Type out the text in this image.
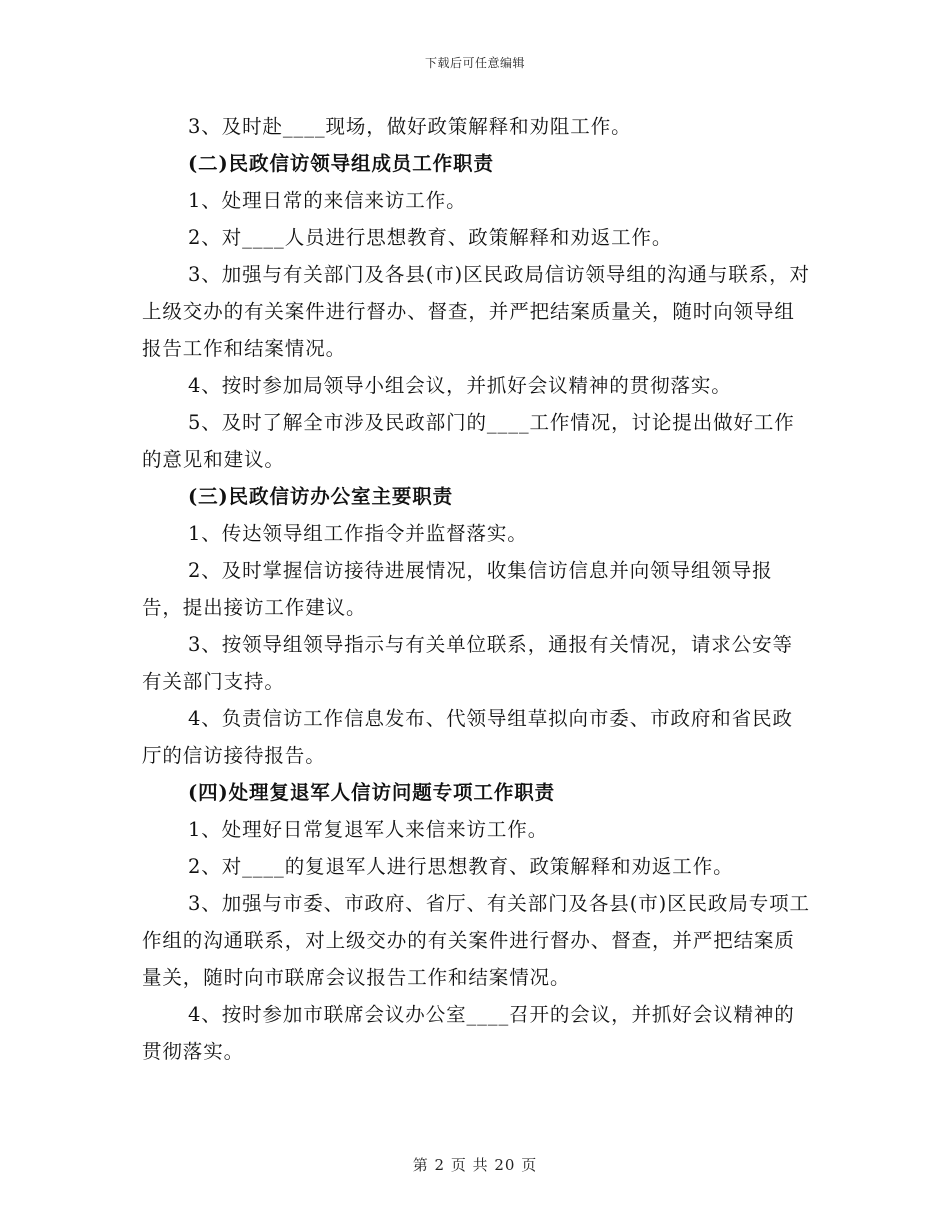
下载后可任意编辑

3、及时赴____现场，做好政策解释和劝阻工作。

(二)民政信访领导组成员工作职责

1、处理日常的来信来访工作。

2、对____人员进行思想教育、政策解释和劝返工作。

3、加强与有关部门及各县(市)区民政局信访领导组的沟通与联系，对上级交办的有关案件进行督办、督查，并严把结案质量关，随时向领导组报告工作和结案情况。

4、按时参加局领导小组会议，并抓好会议精神的贯彻落实。

5、及时了解全市涉及民政部门的____工作情况，讨论提出做好工作的意见和建议。

(三)民政信访办公室主要职责

1、传达领导组工作指令并监督落实。

2、及时掌握信访接待进展情况，收集信访信息并向领导组领导报告，提出接访工作建议。

3、按领导组领导指示与有关单位联系，通报有关情况，请求公安等有关部门支持。

4、负责信访工作信息发布、代领导组草拟向市委、市政府和省民政厅的信访接待报告。

(四)处理复退军人信访问题专项工作职责

1、处理好日常复退军人来信来访工作。

2、对____的复退军人进行思想教育、政策解释和劝返工作。

3、加强与市委、市政府、省厅、有关部门及各县(市)区民政局专项工作组的沟通联系，对上级交办的有关案件进行督办、督查，并严把结案质量关，随时向市联席会议报告工作和结案情况。

4、按时参加市联席会议办公室____召开的会议，并抓好会议精神的贯彻落实。

第 2 页 共 20 页
